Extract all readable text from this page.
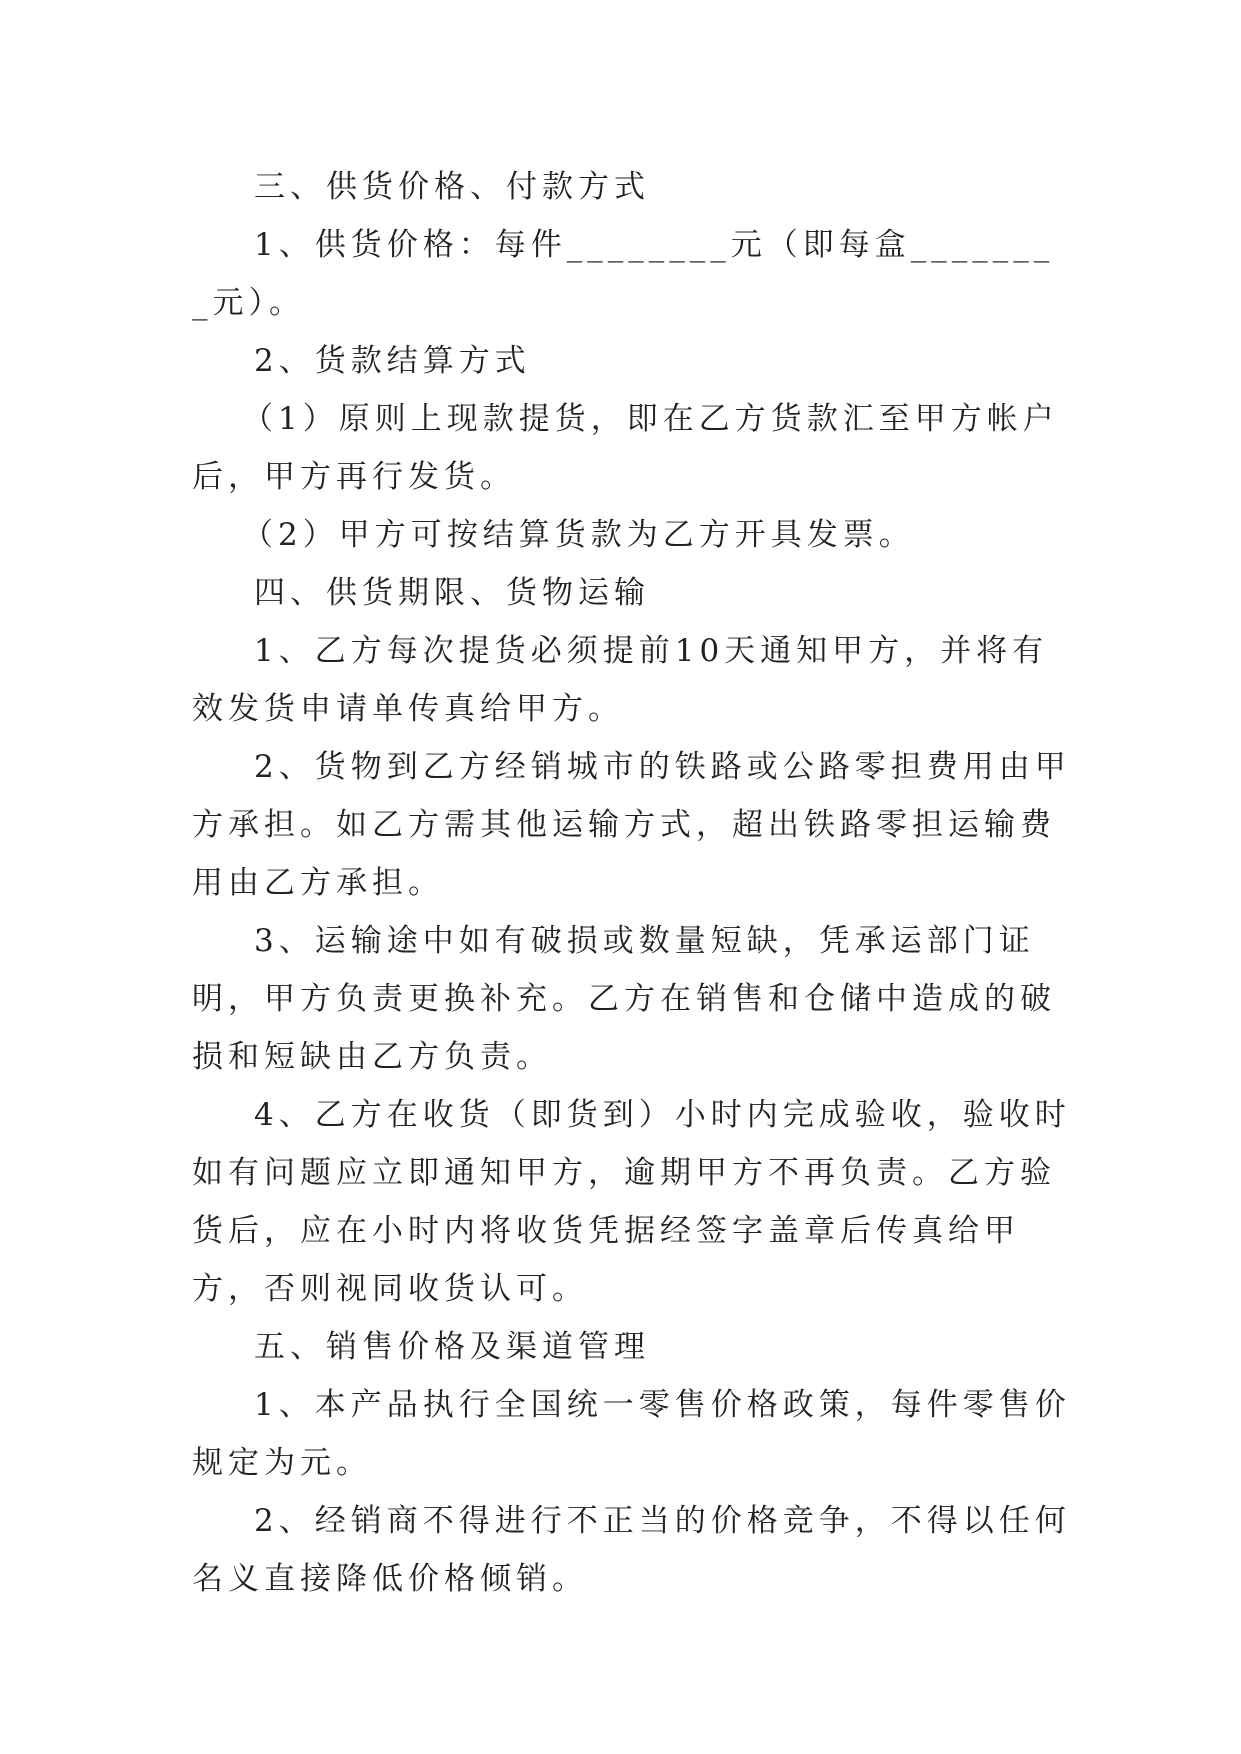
三、供货价格、付款方式

1、供货价格：每件________元（即每盒________元）。

2、货款结算方式

（1）原则上现款提货，即在乙方货款汇至甲方帐户后，甲方再行发货。

（2）甲方可按结算货款为乙方开具发票。

四、供货期限、货物运输

1、乙方每次提货必须提前10天通知甲方，并将有效发货申请单传真给甲方。

2、货物到乙方经销城市的铁路或公路零担费用由甲方承担。如乙方需其他运输方式，超出铁路零担运输费用由乙方承担。

3、运输途中如有破损或数量短缺，凭承运部门证明，甲方负责更换补充。乙方在销售和仓储中造成的破损和短缺由乙方负责。

4、乙方在收货（即货到）小时内完成验收，验收时如有问题应立即通知甲方，逾期甲方不再负责。乙方验货后，应在小时内将收货凭据经签字盖章后传真给甲方，否则视同收货认可。

五、销售价格及渠道管理

1、本产品执行全国统一零售价格政策，每件零售价规定为元。

2、经销商不得进行不正当的价格竞争，不得以任何名义直接降低价格倾销。
